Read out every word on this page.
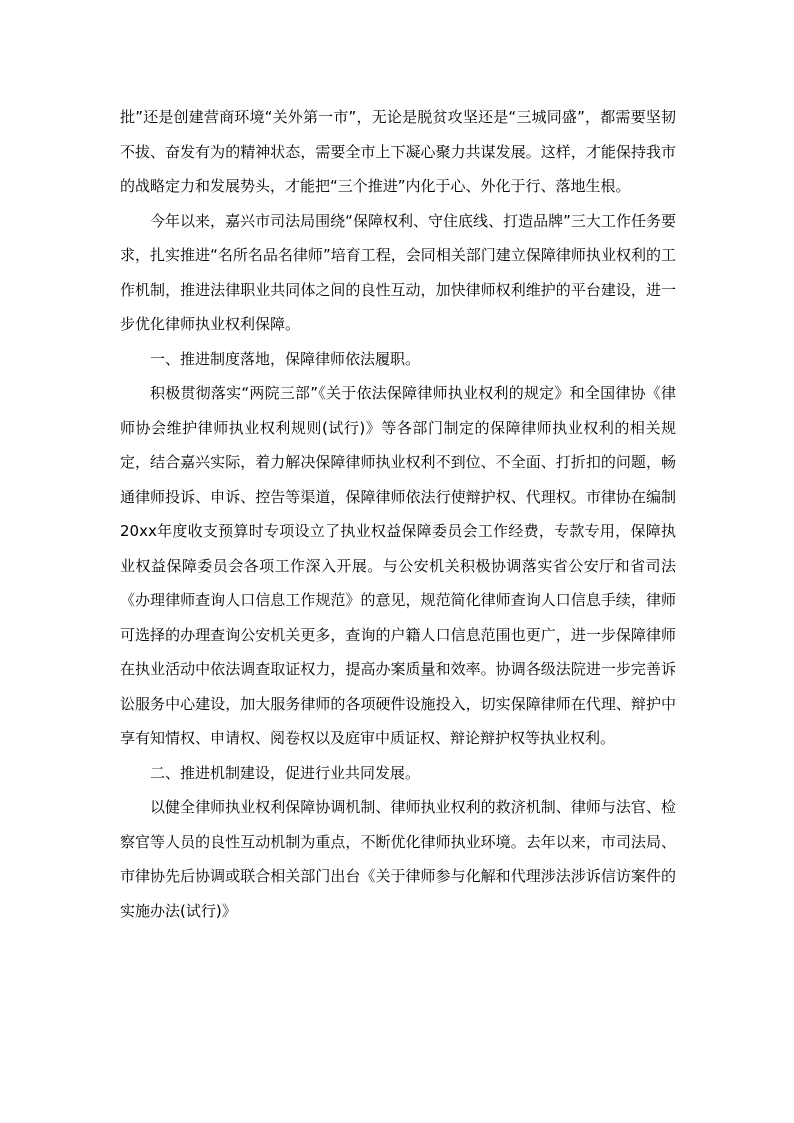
批”还是创建营商环境“关外第一市”，无论是脱贫攻坚还是“三城同盛”，都需要坚韧不拔、奋发有为的精神状态，需要全市上下凝心聚力共谋发展。这样，才能保持我市的战略定力和发展势头，才能把“三个推进”内化于心、外化于行、落地生根。

今年以来，嘉兴市司法局围绕“保障权利、守住底线、打造品牌”三大工作任务要求，扎实推进“名所名品名律师”培育工程，会同相关部门建立保障律师执业权利的工作机制，推进法律职业共同体之间的良性互动，加快律师权利维护的平台建设，进一步优化律师执业权利保障。

一、推进制度落地，保障律师依法履职。

积极贯彻落实“两院三部”《关于依法保障律师执业权利的规定》和全国律协《律师协会维护律师执业权利规则(试行)》等各部门制定的保障律师执业权利的相关规定，结合嘉兴实际，着力解决保障律师执业权利不到位、不全面、打折扣的问题，畅通律师投诉、申诉、控告等渠道，保障律师依法行使辩护权、代理权。市律协在编制20xx年度收支预算时专项设立了执业权益保障委员会工作经费，专款专用，保障执业权益保障委员会各项工作深入开展。与公安机关积极协调落实省公安厅和省司法《办理律师查询人口信息工作规范》的意见，规范简化律师查询人口信息手续，律师可选择的办理查询公安机关更多，查询的户籍人口信息范围也更广，进一步保障律师在执业活动中依法调查取证权力，提高办案质量和效率。协调各级法院进一步完善诉讼服务中心建设，加大服务律师的各项硬件设施投入，切实保障律师在代理、辩护中享有知情权、申请权、阅卷权以及庭审中质证权、辩论辩护权等执业权利。

二、推进机制建设，促进行业共同发展。

以健全律师执业权利保障协调机制、律师执业权利的救济机制、律师与法官、检察官等人员的良性互动机制为重点，不断优化律师执业环境。去年以来，市司法局、市律协先后协调或联合相关部门出台《关于律师参与化解和代理涉法涉诉信访案件的实施办法(试行)》
